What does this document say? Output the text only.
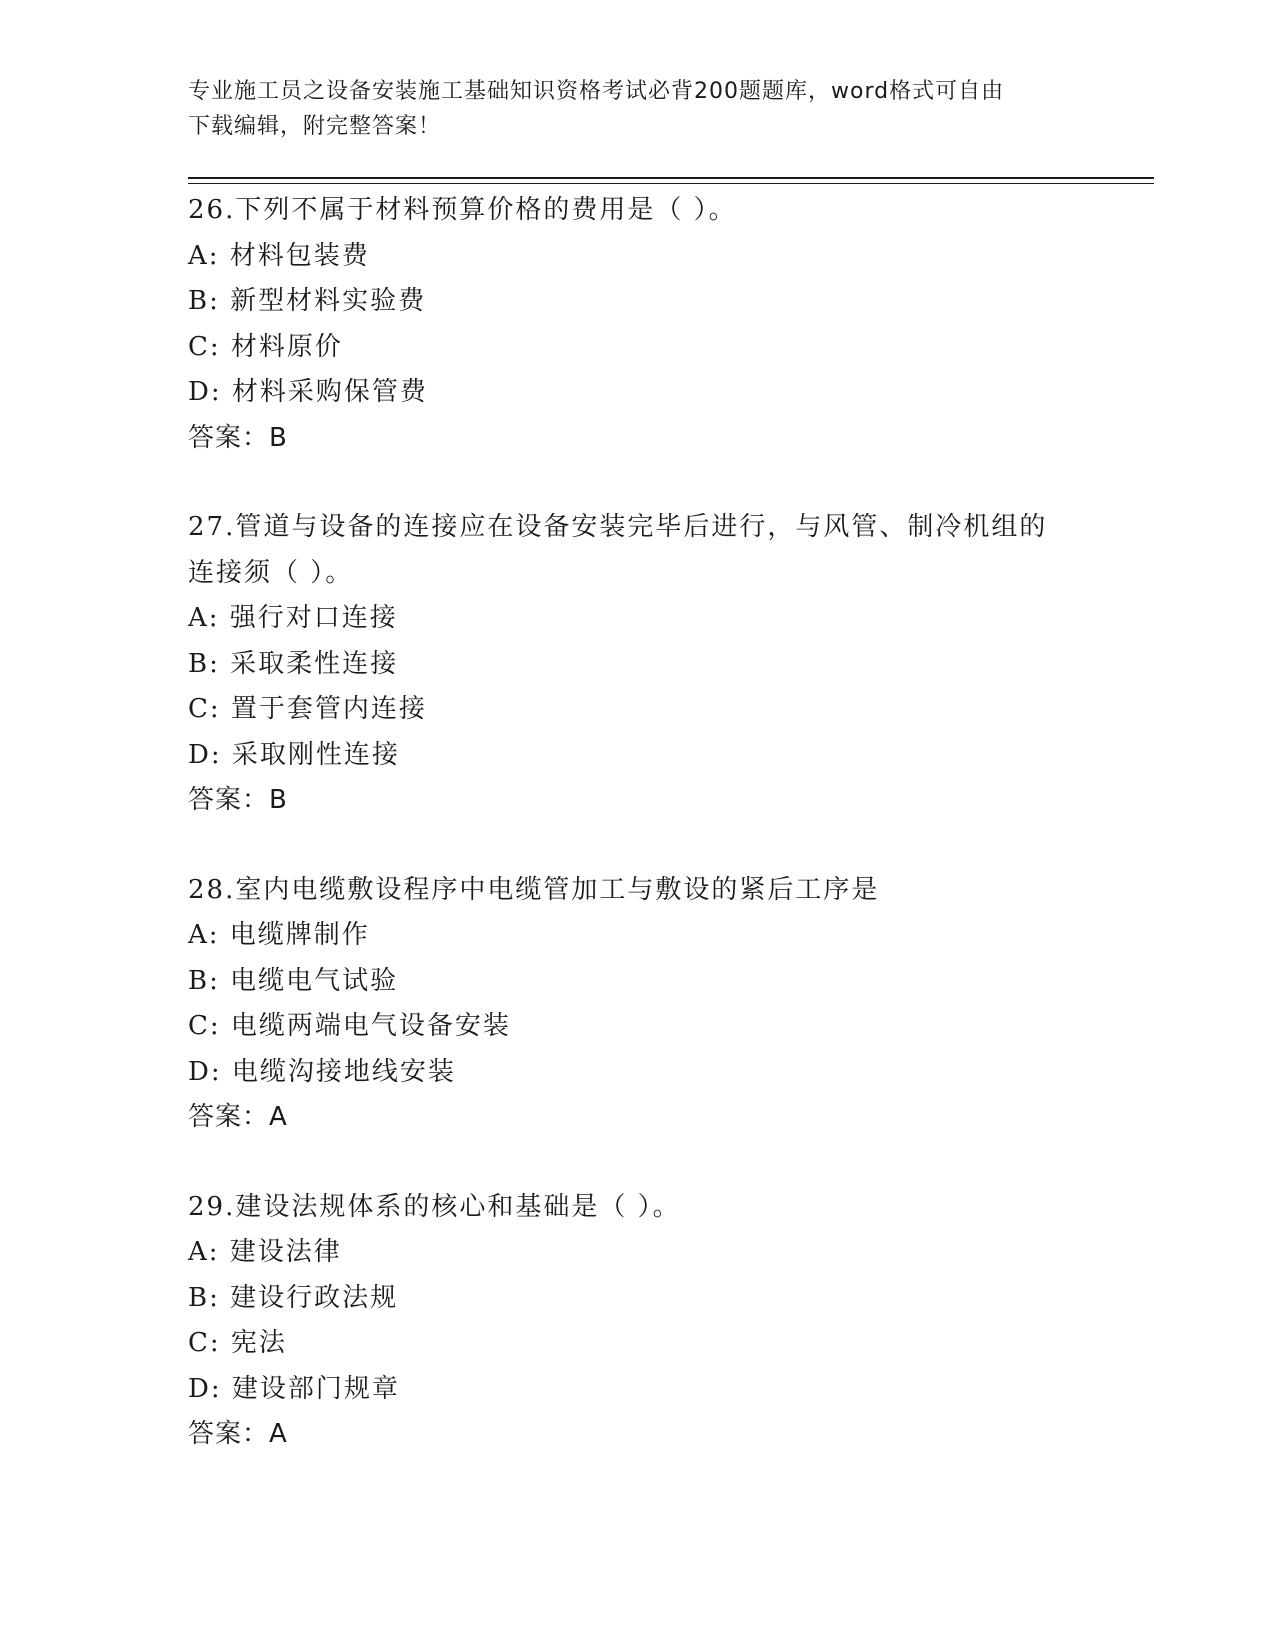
专业施工员之设备安装施工基础知识资格考试必背200题题库，word格式可自由
下载编辑，附完整答案！
26.下列不属于材料预算价格的费用是（ ）。
A: 材料包装费
B: 新型材料实验费
C: 材料原价
D: 材料采购保管费
答案：B
27.管道与设备的连接应在设备安装完毕后进行，与风管、制冷机组的
连接须（ ）。
A: 强行对口连接
B: 采取柔性连接
C: 置于套管内连接
D: 采取刚性连接
答案：B
28.室内电缆敷设程序中电缆管加工与敷设的紧后工序是
A: 电缆牌制作
B: 电缆电气试验
C: 电缆两端电气设备安装
D: 电缆沟接地线安装
答案：A
29.建设法规体系的核心和基础是（ ）。
A: 建设法律
B: 建设行政法规
C: 宪法
D: 建设部门规章
答案：A
